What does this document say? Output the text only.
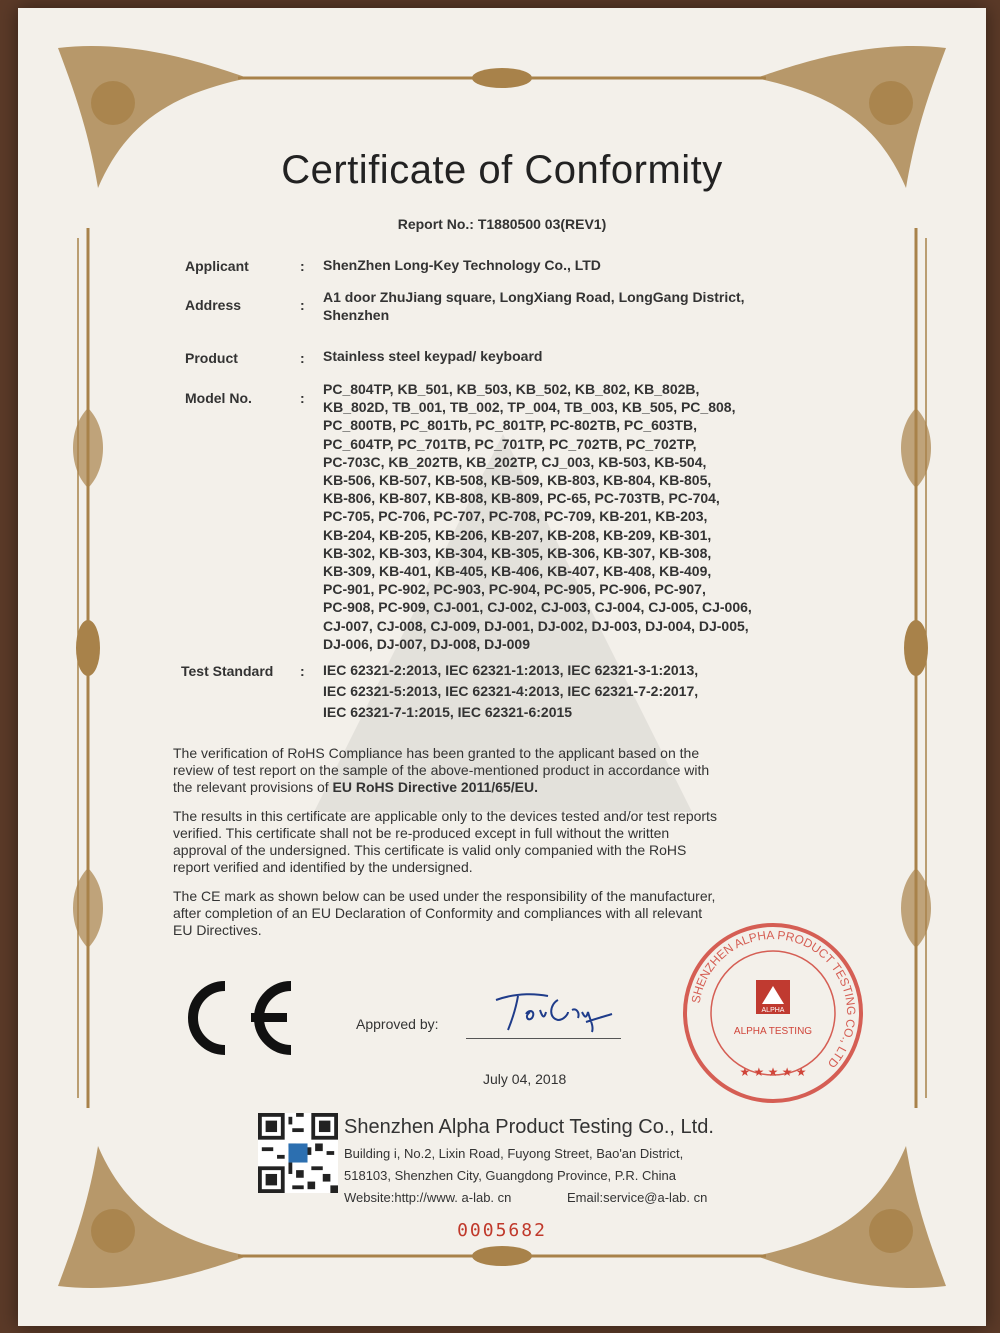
Certificate of Conformity
Report No.: T1880500 03(REV1)
Applicant	: ShenZhen Long-Key Technology Co., LTD
Address	: A1 door ZhuJiang square, LongXiang Road, LongGang District,
Shenzhen
Product	: Stainless steel keypad/ keyboard
Model No.	:
PC_804TP, KB_501, KB_503, KB_502, KB_802, KB_802B,
KB_802D, TB_001, TB_002, TP_004, TB_003, KB_505, PC_808,
PC_800TB, PC_801Tb, PC_801TP, PC-802TB, PC_603TB,
PC_604TP, PC_701TB, PC_701TP, PC_702TB, PC_702TP,
PC-703C, KB_202TB, KB_202TP, CJ_003, KB-503, KB-504,
KB-506, KB-507, KB-508, KB-509, KB-803, KB-804, KB-805,
KB-806, KB-807, KB-808, KB-809, PC-65, PC-703TB, PC-704,
PC-705, PC-706, PC-707, PC-708, PC-709, KB-201, KB-203,
KB-204, KB-205, KB-206, KB-207, KB-208, KB-209, KB-301,
KB-302, KB-303, KB-304, KB-305, KB-306, KB-307, KB-308,
KB-309, KB-401, KB-405, KB-406, KB-407, KB-408, KB-409,
PC-901, PC-902, PC-903, PC-904, PC-905, PC-906, PC-907,
PC-908, PC-909, CJ-001, CJ-002, CJ-003, CJ-004, CJ-005, CJ-006,
CJ-007, CJ-008, CJ-009, DJ-001, DJ-002, DJ-003, DJ-004, DJ-005,
DJ-006, DJ-007, DJ-008, DJ-009
Test Standard : IEC 62321-2:2013, IEC 62321-1:2013, IEC 62321-3-1:2013,
IEC 62321-5:2013, IEC 62321-4:2013, IEC 62321-7-2:2017,
IEC 62321-7-1:2015, IEC 62321-6:2015
The verification of RoHS Compliance has been granted to the applicant based on the
review of test report on the sample of the above-mentioned product in accordance with
the relevant provisions of EU RoHS Directive 2011/65/EU.
The results in this certificate are applicable only to the devices tested and/or test reports
verified. This certificate shall not be re-produced except in full without the written
approval of the undersigned. This certificate is valid only companied with the RoHS
report verified and identified by the undersigned.
The CE mark as shown below can be used under the responsibility of the manufacturer,
after completion of an EU Declaration of Conformity and compliances with all relevant
EU Directives.
Approved by:
July 04, 2018
SHENZHEN ALPHA PRODUCT TESTING CO., LTD
ALPHA
ALPHA TESTING
★ ★ ★ ★ ★
Shenzhen Alpha Product Testing Co., Ltd.
Building i, No.2, Lixin Road, Fuyong Street, Bao'an District,
518103, Shenzhen City, Guangdong Province, P.R. China
Website:http://www. a-lab. cn	Email:service@a-lab. cn
0005682
